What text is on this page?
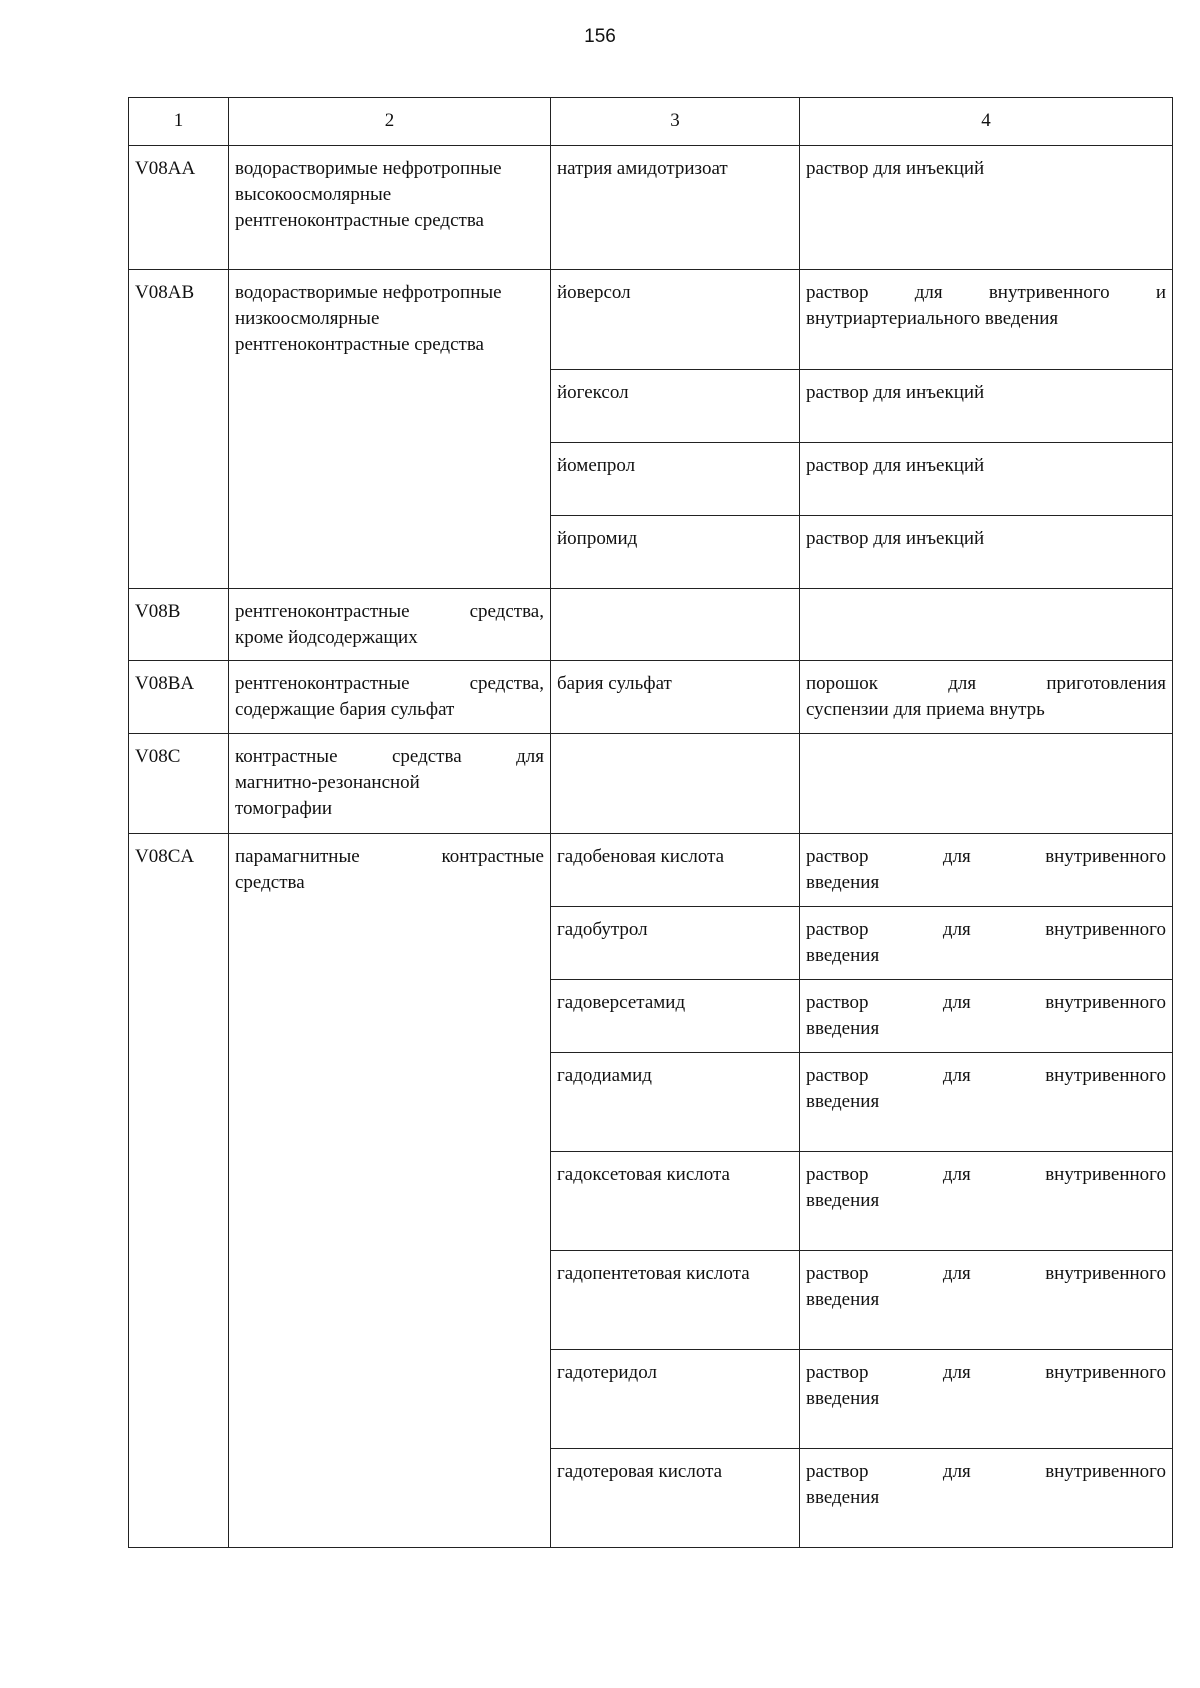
156
1	2	3	4
V08AA	водорастворимые нефротропные высокоосмолярные рентгеноконтрастные средства	натрия амидотризоат	раствор для инъекций
V08AB	водорастворимые нефротропные низкоосмолярные рентгеноконтрастные средства	йоверсол	раствор для внутривенного и
внутриартериального введения

		йогексол	раствор для инъекций
		йомепрол	раствор для инъекций
		йопромид	раствор для инъекций
V08B	рентгеноконтрастные средства,
кроме йодсодержащих		

V08BA	рентгеноконтрастные средства,
содержащие бария сульфат	бария сульфат	порошок для приготовления
суспензии для приема внутрь

V08C	контрастные средства для
магнитно-резонансной томографии		

V08CA	парамагнитные контрастные
средства	гадобеновая кислота	раствор для внутривенного
введения

		гадобутрол	раствор для внутривенного
введения

		гадоверсетамид	раствор для внутривенного
введения

		гадодиамид	раствор для внутривенного
введения

		гадоксетовая кислота	раствор для внутривенного
введения

		гадопентетовая кислота	раствор для внутривенного
введения

		гадотеридол	раствор для внутривенного
введения

		гадотеровая кислота	раствор для внутривенного
введения
